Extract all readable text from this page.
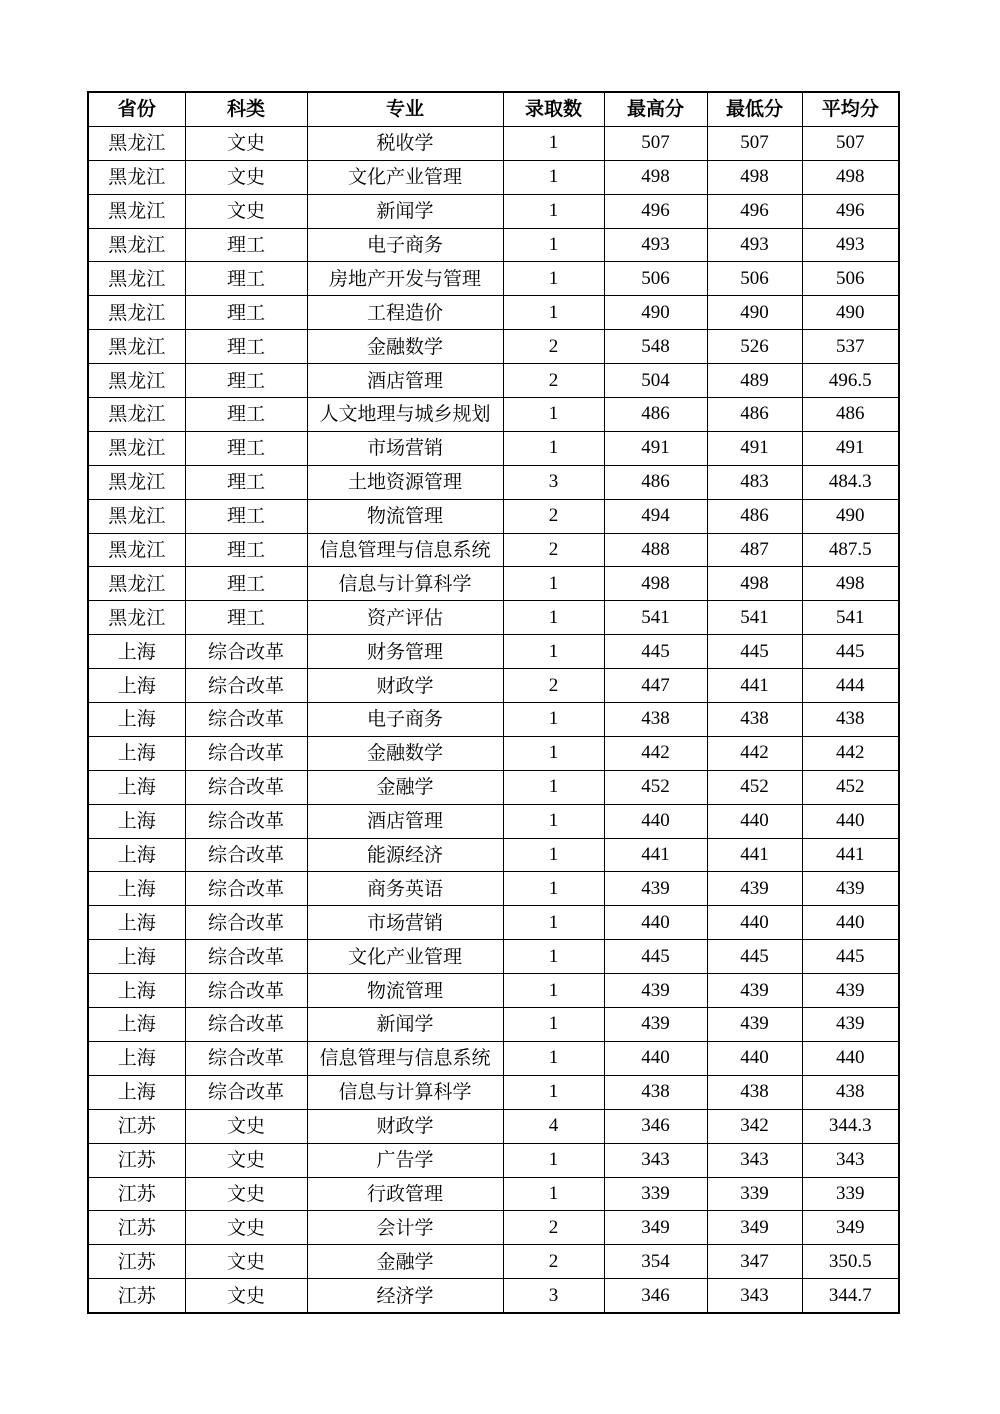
省份	科类	专业	录取数	最高分	最低分	平均分
黑龙江	文史	税收学	1	507	507	507
黑龙江	文史	文化产业管理	1	498	498	498
黑龙江	文史	新闻学	1	496	496	496
黑龙江	理工	电子商务	1	493	493	493
黑龙江	理工	房地产开发与管理	1	506	506	506
黑龙江	理工	工程造价	1	490	490	490
黑龙江	理工	金融数学	2	548	526	537
黑龙江	理工	酒店管理	2	504	489	496.5
黑龙江	理工	人文地理与城乡规划	1	486	486	486
黑龙江	理工	市场营销	1	491	491	491
黑龙江	理工	土地资源管理	3	486	483	484.3
黑龙江	理工	物流管理	2	494	486	490
黑龙江	理工	信息管理与信息系统	2	488	487	487.5
黑龙江	理工	信息与计算科学	1	498	498	498
黑龙江	理工	资产评估	1	541	541	541
上海	综合改革	财务管理	1	445	445	445
上海	综合改革	财政学	2	447	441	444
上海	综合改革	电子商务	1	438	438	438
上海	综合改革	金融数学	1	442	442	442
上海	综合改革	金融学	1	452	452	452
上海	综合改革	酒店管理	1	440	440	440
上海	综合改革	能源经济	1	441	441	441
上海	综合改革	商务英语	1	439	439	439
上海	综合改革	市场营销	1	440	440	440
上海	综合改革	文化产业管理	1	445	445	445
上海	综合改革	物流管理	1	439	439	439
上海	综合改革	新闻学	1	439	439	439
上海	综合改革	信息管理与信息系统	1	440	440	440
上海	综合改革	信息与计算科学	1	438	438	438
江苏	文史	财政学	4	346	342	344.3
江苏	文史	广告学	1	343	343	343
江苏	文史	行政管理	1	339	339	339
江苏	文史	会计学	2	349	349	349
江苏	文史	金融学	2	354	347	350.5
江苏	文史	经济学	3	346	343	344.7
